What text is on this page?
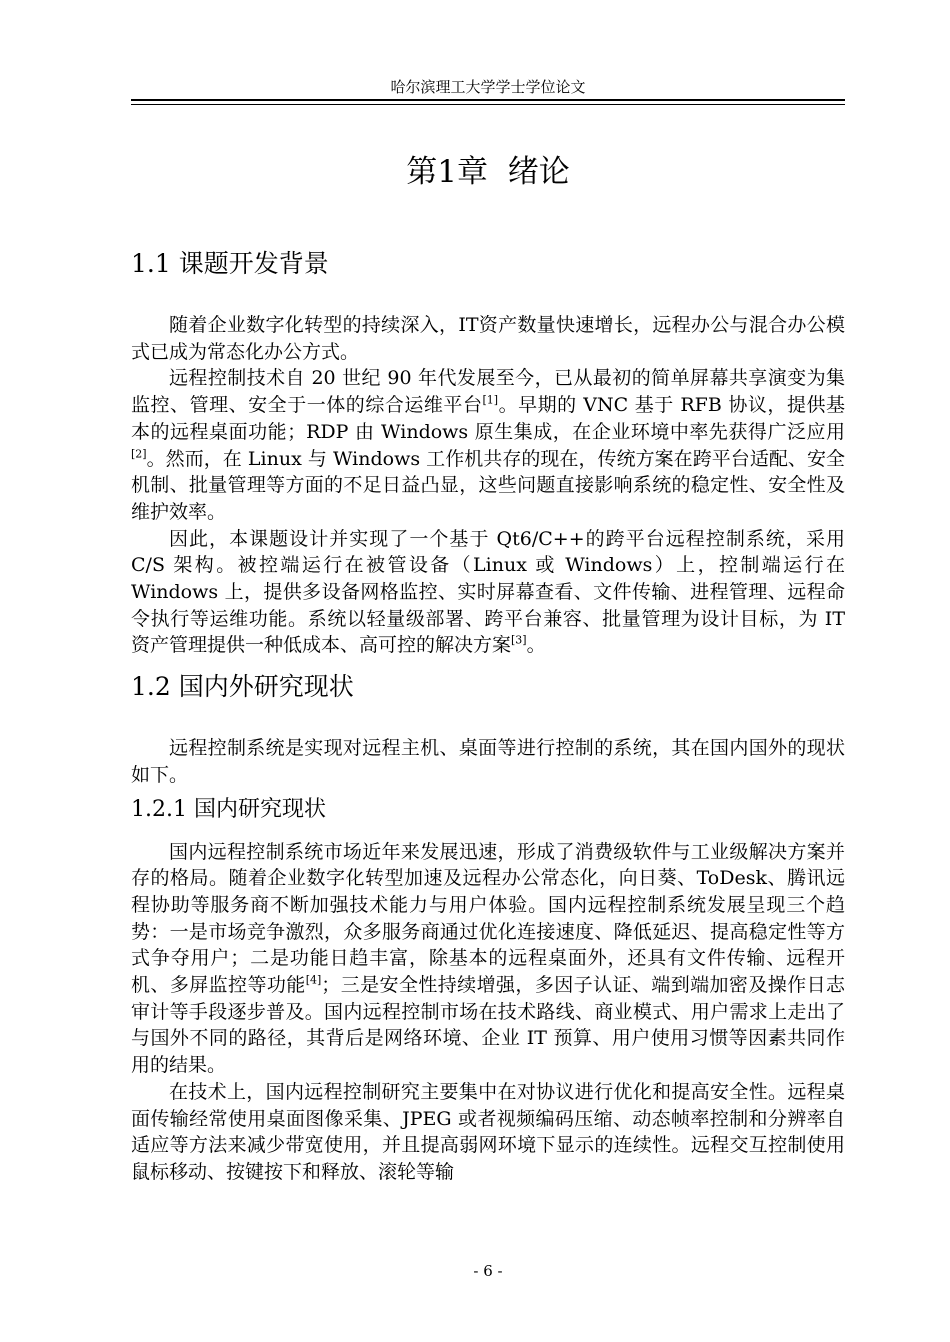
哈尔滨理工大学学士学位论文
第1章  绪论
1.1 课题开发背景

随着企业数字化转型的持续深入，IT资产数量快速增长，远程办公与混合办公模式已成为常态化办公方式。

远程控制技术自 20 世纪 90 年代发展至今，已从最初的简单屏幕共享演变为集监控、管理、安全于一体的综合运维平台[1]。早期的 VNC 基于 RFB 协议，提供基本的远程桌面功能；RDP 由 Windows 原生集成，在企业环境中率先获得广泛应用[2]。然而，在 Linux 与 Windows 工作机共存的现在，传统方案在跨平台适配、安全机制、批量管理等方面的不足日益凸显，这些问题直接影响系统的稳定性、安全性及维护效率。

因此，本课题设计并实现了一个基于 Qt6/C++的跨平台远程控制系统，采用 C/S 架构。被控端运行在被管设备（Linux 或 Windows）上，控制端运行在 Windows 上，提供多设备网格监控、实时屏幕查看、文件传输、进程管理、远程命令执行等运维功能。系统以轻量级部署、跨平台兼容、批量管理为设计目标，为 IT 资产管理提供一种低成本、高可控的解决方案[3]。

1.2 国内外研究现状

远程控制系统是实现对远程主机、桌面等进行控制的系统，其在国内国外的现状如下。

1.2.1 国内研究现状

国内远程控制系统市场近年来发展迅速，形成了消费级软件与工业级解决方案并存的格局。随着企业数字化转型加速及远程办公常态化，向日葵、ToDesk、腾讯远程协助等服务商不断加强技术能力与用户体验。国内远程控制系统发展呈现三个趋势：一是市场竞争激烈，众多服务商通过优化连接速度、降低延迟、提高稳定性等方式争夺用户；二是功能日趋丰富，除基本的远程桌面外，还具有文件传输、远程开机、多屏监控等功能[4]；三是安全性持续增强，多因子认证、端到端加密及操作日志审计等手段逐步普及。国内远程控制市场在技术路线、商业模式、用户需求上走出了与国外不同的路径，其背后是网络环境、企业 IT 预算、用户使用习惯等因素共同作用的结果。

在技术上，国内远程控制研究主要集中在对协议进行优化和提高安全性。远程桌面传输经常使用桌面图像采集、JPEG 或者视频编码压缩、动态帧率控制和分辨率自适应等方法来减少带宽使用，并且提高弱网环境下显示的连续性。远程交互控制使用鼠标移动、按键按下和释放、滚轮等输

- 6 -
